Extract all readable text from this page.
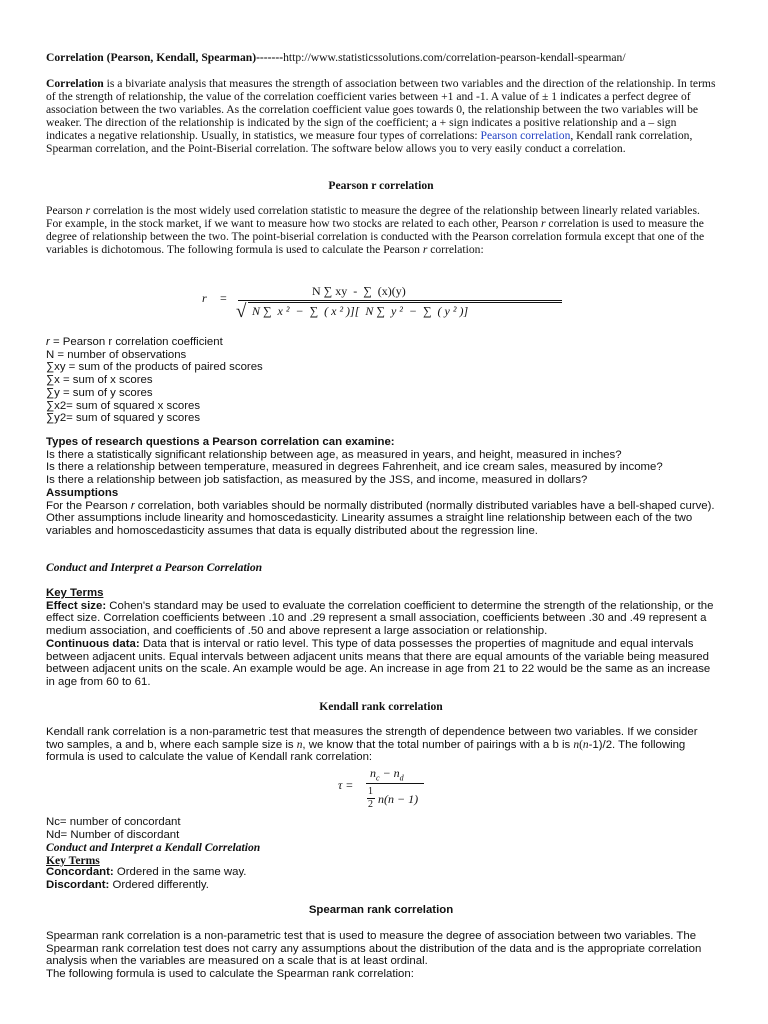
Correlation (Pearson, Kendall, Spearman)-------http://www.statisticssolutions.com/correlation-pearson-kendall-spearman/

Correlation is a bivariate analysis that measures the strength of association between two variables and the direction of the relationship. In terms of the strength of relationship, the value of the correlation coefficient varies between +1 and -1. A value of ± 1 indicates a perfect degree of association between the two variables. As the correlation coefficient value goes towards 0, the relationship between the two variables will be weaker. The direction of the relationship is indicated by the sign of the coefficient; a + sign indicates a positive relationship and a – sign indicates a negative relationship. Usually, in statistics, we measure four types of correlations: Pearson correlation, Kendall rank correlation, Spearman correlation, and the Point-Biserial correlation. The software below allows you to very easily conduct a correlation.

Pearson r correlation

Pearson r correlation is the most widely used correlation statistic to measure the degree of the relationship between linearly related variables. For example, in the stock market, if we want to measure how two stocks are related to each other, Pearson r correlation is used to measure the degree of relationship between the two. The point-biserial correlation is conducted with the Pearson correlation formula except that one of the variables is dichotomous. The following formula is used to calculate the Pearson r correlation:

r =	N ∑ xy  -  ∑  (x)(y)
√ N ∑  x ²  −  ∑  ( x ² )][  N ∑  y ²  −  ∑  ( y ² )]
r = Pearson r correlation coefficient
N = number of observations
∑xy = sum of the products of paired scores
∑x = sum of x scores
∑y = sum of y scores
∑x2= sum of squared x scores
∑y2= sum of squared y scores
Types of research questions a Pearson correlation can examine:
Is there a statistically significant relationship between age, as measured in years, and height, measured in inches?
Is there a relationship between temperature, measured in degrees Fahrenheit, and ice cream sales, measured by income?
Is there a relationship between job satisfaction, as measured by the JSS, and income, measured in dollars?
Assumptions
For the Pearson r correlation, both variables should be normally distributed (normally distributed variables have a bell-shaped curve). Other assumptions include linearity and homoscedasticity. Linearity assumes a straight line relationship between each of the two variables and homoscedasticity assumes that data is equally distributed about the regression line.
Conduct and Interpret a Pearson Correlation
Key Terms
Effect size: Cohen's standard may be used to evaluate the correlation coefficient to determine the strength of the relationship, or the effect size. Correlation coefficients between .10 and .29 represent a small association, coefficients between .30 and .49 represent a medium association, and coefficients of .50 and above represent a large association or relationship.
Continuous data: Data that is interval or ratio level. This type of data possesses the properties of magnitude and equal intervals between adjacent units. Equal intervals between adjacent units means that there are equal amounts of the variable being measured between adjacent units on the scale. An example would be age. An increase in age from 21 to 22 would be the same as an increase in age from 60 to 61.
Kendall rank correlation

Kendall rank correlation is a non-parametric test that measures the strength of dependence between two variables. If we consider two samples, a and b, where each sample size is n, we know that the total number of pairings with a b is n(n-1)/2. The following formula is used to calculate the value of Kendall rank correlation:

τ =
$n_c - n_d$
1
2 n(n − 1)
Nc= number of concordant
Nd= Number of discordant
Conduct and Interpret a Kendall Correlation
Key Terms
Concordant: Ordered in the same way.
Discordant: Ordered differently.
Spearman rank correlation

Spearman rank correlation is a non-parametric test that is used to measure the degree of association between two variables. The Spearman rank correlation test does not carry any assumptions about the distribution of the data and is the appropriate correlation analysis when the variables are measured on a scale that is at least ordinal.

The following formula is used to calculate the Spearman rank correlation:
